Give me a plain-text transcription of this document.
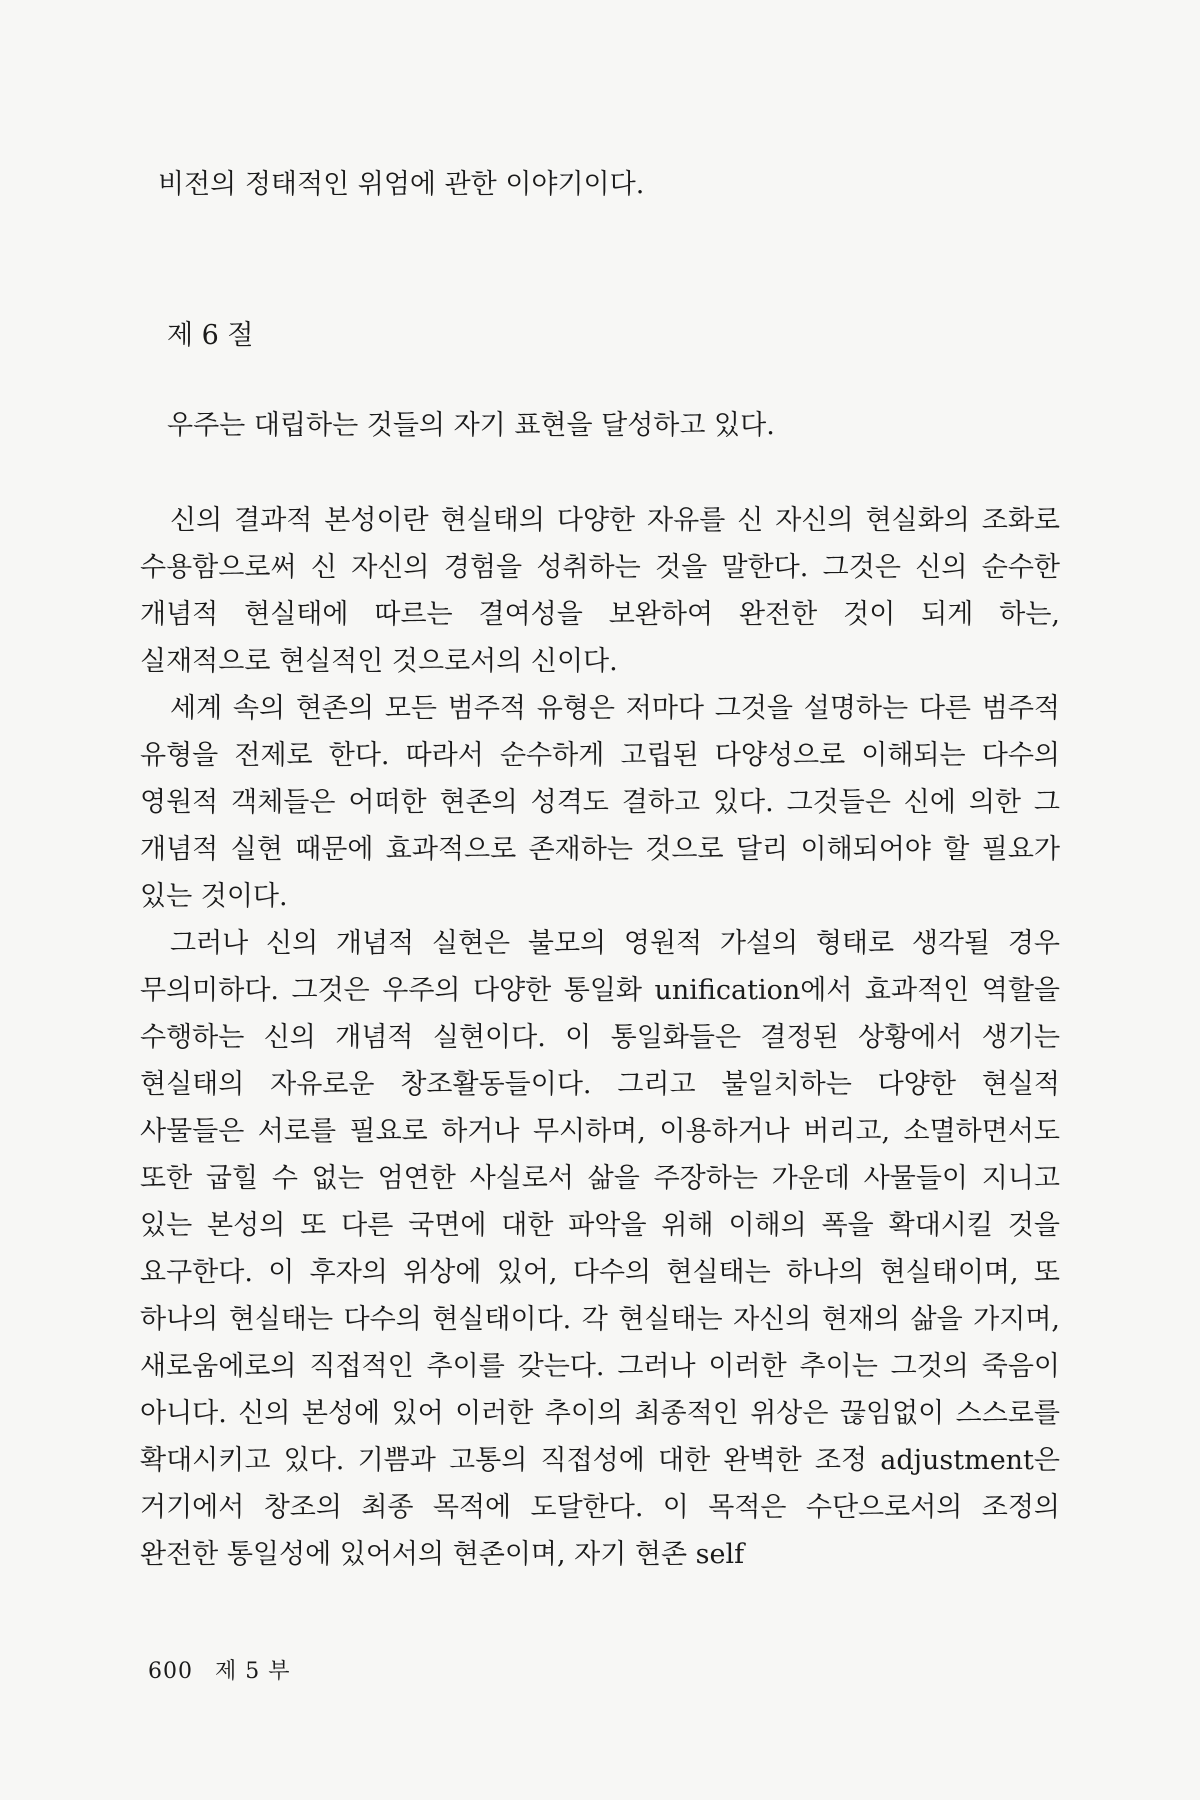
비전의 정태적인 위엄에 관한 이야기이다.
제 6 절
우주는 대립하는 것들의 자기 표현을 달성하고 있다.

신의 결과적 본성이란 현실태의 다양한 자유를 신 자신의 현실화의 조화로 수용함으로써 신 자신의 경험을 성취하는 것을 말한다. 그것은 신의 순수한 개념적 현실태에 따르는 결여성을 보완하여 완전한 것이 되게 하는, 실재적으로 현실적인 것으로서의 신이다.

세계 속의 현존의 모든 범주적 유형은 저마다 그것을 설명하는 다른 범주적 유형을 전제로 한다. 따라서 순수하게 고립된 다양성으로 이해되는 다수의 영원적 객체들은 어떠한 현존의 성격도 결하고 있다. 그것들은 신에 의한 그 개념적 실현 때문에 효과적으로 존재하는 것으로 달리 이해되어야 할 필요가 있는 것이다.

그러나 신의 개념적 실현은 불모의 영원적 가설의 형태로 생각될 경우 무의미하다. 그것은 우주의 다양한 통일화 unification에서 효과적인 역할을 수행하는 신의 개념적 실현이다. 이 통일화들은 결정된 상황에서 생기는 현실태의 자유로운 창조활동들이다. 그리고 불일치하는 다양한 현실적 사물들은 서로를 필요로 하거나 무시하며, 이용하거나 버리고, 소멸하면서도 또한 굽힐 수 없는 엄연한 사실로서 삶을 주장하는 가운데 사물들이 지니고 있는 본성의 또 다른 국면에 대한 파악을 위해 이해의 폭을 확대시킬 것을 요구한다. 이 후자의 위상에 있어, 다수의 현실태는 하나의 현실태이며, 또 하나의 현실태는 다수의 현실태이다. 각 현실태는 자신의 현재의 삶을 가지며, 새로움에로의 직접적인 추이를 갖는다. 그러나 이러한 추이는 그것의 죽음이 아니다. 신의 본성에 있어 이러한 추이의 최종적인 위상은 끊임없이 스스로를 확대시키고 있다. 기쁨과 고통의 직접성에 대한 완벽한 조정 adjustment은 거기에서 창조의 최종 목적에 도달한다. 이 목적은 수단으로서의 조정의 완전한 통일성에 있어서의 현존이며, 자기 현존 self

600 제 5 부
